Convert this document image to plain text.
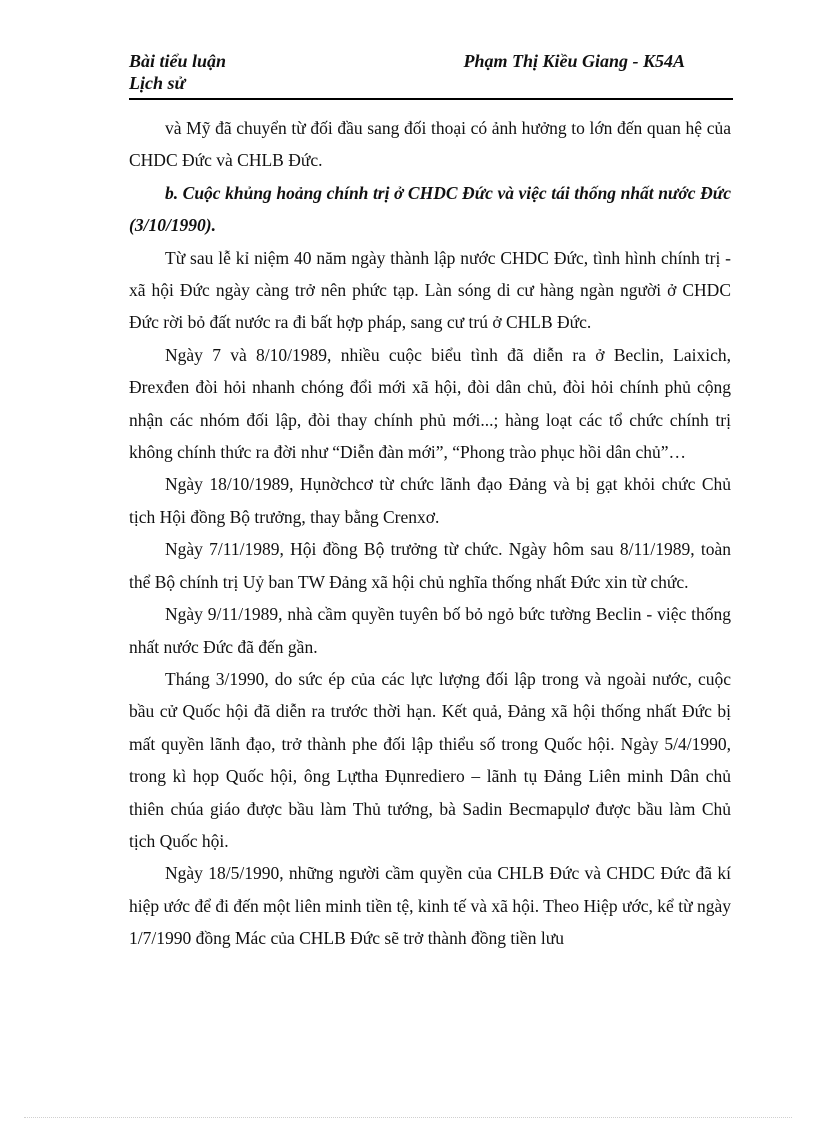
Bài tiểu luận
Lịch sử
Phạm Thị Kiều Giang - K54A

và Mỹ đã chuyển từ đối đầu sang đối thoại có ảnh hưởng to lớn đến quan hệ của CHDC Đức và CHLB Đức.

b. Cuộc khủng hoảng chính trị ở CHDC Đức và việc tái thống nhất nước Đức (3/10/1990).

Từ sau lễ kỉ niệm 40 năm ngày thành lập nước CHDC Đức, tình hình chính trị - xã hội Đức ngày càng trở nên phức tạp. Làn sóng di cư hàng ngàn người ở CHDC Đức rời bỏ đất nước ra đi bất hợp pháp, sang cư trú ở CHLB Đức.

Ngày 7 và 8/10/1989, nhiều cuộc biểu tình đã diễn ra ở Beclin, Laixich, Đrexđen đòi hỏi nhanh chóng đổi mới xã hội, đòi dân chủ, đòi hỏi chính phủ cộng nhận các nhóm đối lập, đòi thay chính phủ mới...; hàng loạt các tổ chức chính trị không chính thức ra đời như “Diễn đàn mới”, “Phong trào phục hồi dân chủ”…

Ngày 18/10/1989, Hụnờchcơ từ chức lãnh đạo Đảng và bị gạt khỏi chức Chủ tịch Hội đồng Bộ trưởng, thay bằng Crenxơ.

Ngày 7/11/1989, Hội đồng Bộ trưởng từ chức. Ngày hôm sau 8/11/1989, toàn thể Bộ chính trị Uỷ ban TW Đảng xã hội chủ nghĩa thống nhất Đức xin từ chức.

Ngày 9/11/1989, nhà cầm quyền tuyên bố bỏ ngỏ bức tường Beclin - việc thống nhất nước Đức đã đến gần.

Tháng 3/1990, do sức ép của các lực lượng đối lập trong và ngoài nước, cuộc bầu cử Quốc hội đã diễn ra trước thời hạn. Kết quả, Đảng xã hội thống nhất Đức bị mất quyền lãnh đạo, trở thành phe đối lập thiểu số trong Quốc hội. Ngày 5/4/1990, trong kì họp Quốc hội, ông Lựtha Đụnrediero – lãnh tụ Đảng Liên minh Dân chủ thiên chúa giáo được bầu làm Thủ tướng, bà Sadin Becmapụlơ được bầu làm Chủ tịch Quốc hội.

Ngày 18/5/1990, những người cầm quyền của CHLB Đức và CHDC Đức đã kí hiệp ước để đi đến một liên minh tiền tệ, kinh tế và xã hội. Theo Hiệp ước, kể từ ngày 1/7/1990 đồng Mác của CHLB Đức sẽ trở thành đồng tiền lưu
